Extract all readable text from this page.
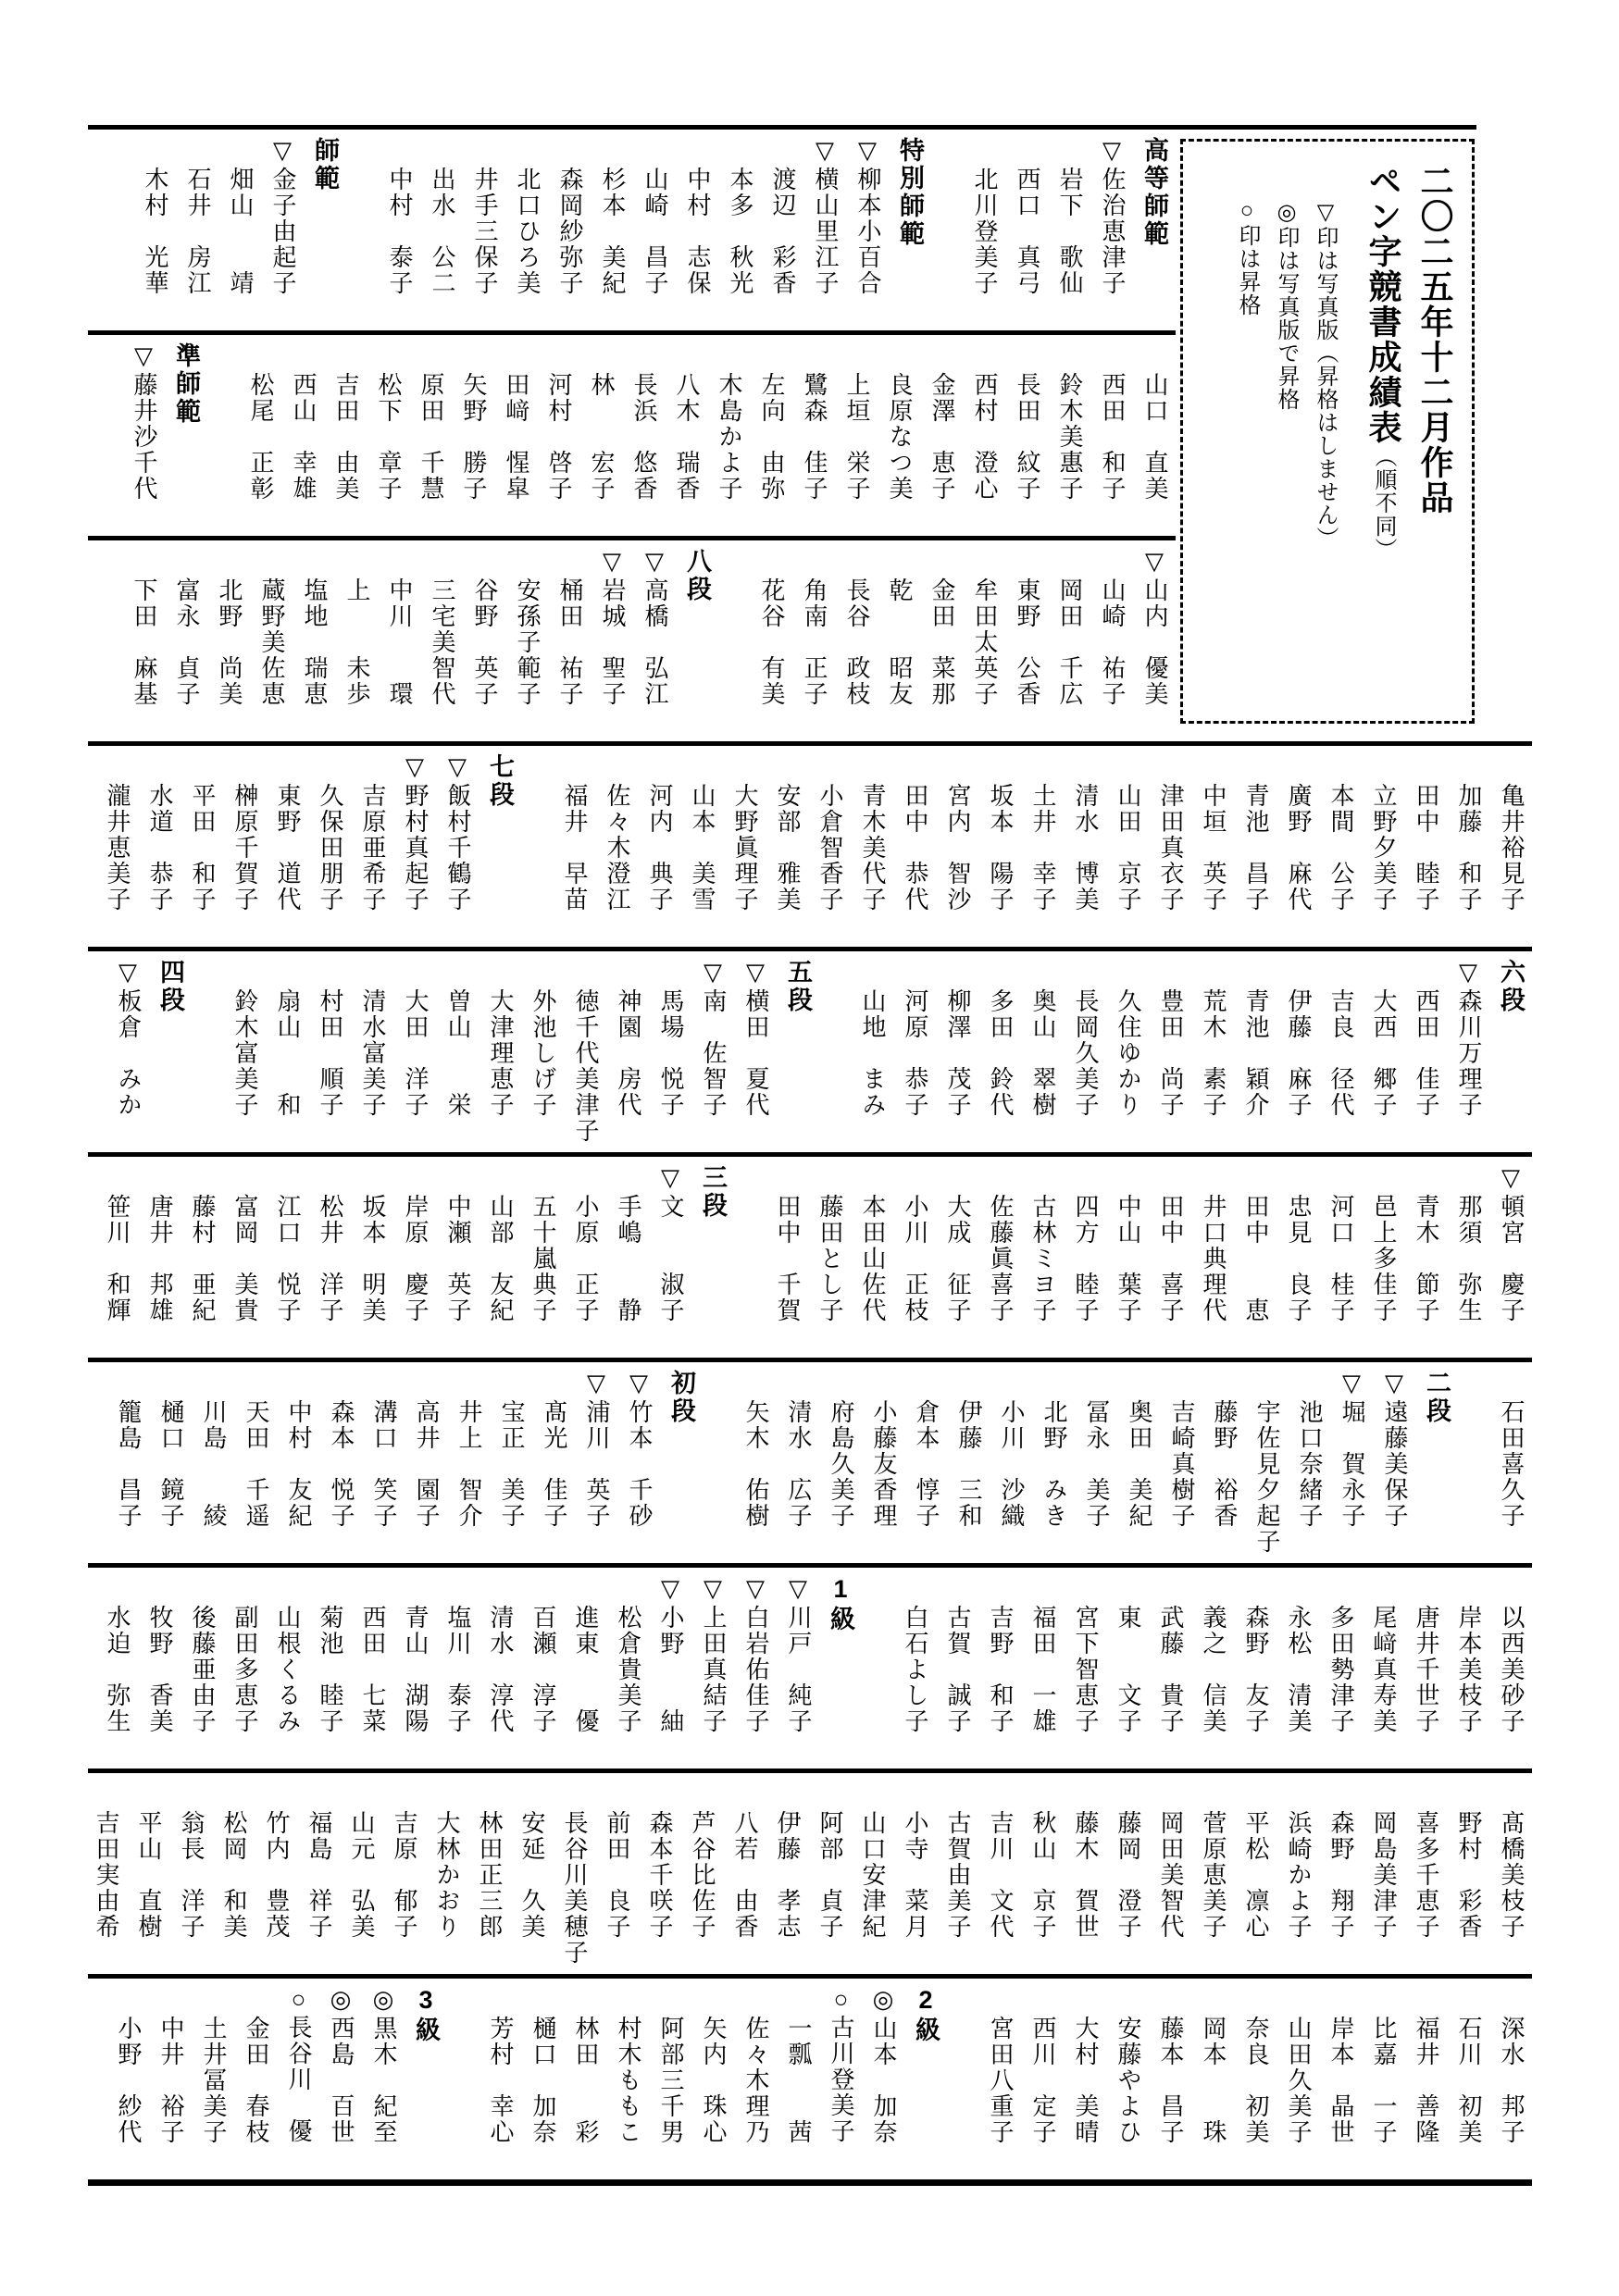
二〇二五年十二月作品
ペン字競書成績表（順不同）
▽印は写真版（昇格はしません）
◎印は写真版で昇格
○印は昇格
高等師範
▽佐治恵津子
岩下　歌仙
西口　真弓
北川登美子
特別師範
▽柳本小百合
▽横山里江子
渡辺　彩香
本多　秋光
中村　志保
山崎　昌子
杉本　美紀
森岡紗弥子
北口ひろ美
井手三保子
出水　公二
中村　泰子
師範
▽金子由起子
畑山　　靖
石井　房江
木村　光華
山口　直美
西田　和子
鈴木美惠子
長田　紋子
西村　澄心
金澤　恵子
良原なつ美
上垣　栄子
鷺森　佳子
左向　由弥
木島かよ子
八木　瑞香
長浜　悠香
林　　宏子
河村　啓子
田﨑　惺皐
矢野　勝子
原田　千慧
松下　章子
吉田　由美
西山　幸雄
松尾　正彰
準師範
▽藤井沙千代
▽山内　優美
山崎　祐子
岡田　千広
東野　公香
牟田太英子
金田　菜那
乾　　昭友
長谷　政枝
角南　正子
花谷　有美
八段
▽高橋　弘江
▽岩城　聖子
桶田　祐子
安孫子範子
谷野　英子
三宅美智代
中川　　環
上　　未歩
塩地　瑞恵
蔵野美佐恵
北野　尚美
富永　貞子
下田　麻基
亀井裕見子
加藤　和子
田中　睦子
立野夕美子
本間　公子
廣野　麻代
青池　昌子
中垣　英子
津田真衣子
山田　京子
清水　博美
土井　幸子
坂本　陽子
宮内　智沙
田中　恭代
青木美代子
小倉智香子
安部　雅美
大野眞理子
山本　美雪
河内　典子
佐々木澄江
福井　早苗
七段
▽飯村千鶴子
▽野村真起子
吉原亜希子
久保田朋子
東野　道代
榊原千賀子
平田　和子
水道　恭子
瀧井恵美子
六段
▽森川万理子
西田　佳子
大西　郷子
吉良　径代
伊藤　麻子
青池　穎介
荒木　素子
豊田　尚子
久住ゆかり
長岡久美子
奥山　翠樹
多田　鈴代
柳澤　茂子
河原　恭子
山地　まみ
五段
▽横田　夏代
▽南　佐智子
馬場　悦子
神園　房代
徳千代美津子
外池しげ子
大津理恵子
曽山　　栄
大田　洋子
清水富美子
村田　順子
扇山　　和
鈴木富美子
四段
▽板倉　みか
▽頓宮　慶子
那須　弥生
青木　節子
邑上多佳子
河口　桂子
忠見　良子
田中　　恵
井口典理代
田中　喜子
中山　葉子
四方　睦子
古林ミヨ子
佐藤眞喜子
大成　征子
小川　正枝
本田山佐代
藤田とし子
田中　千賀
三段
▽文　　淑子
手嶋　　静
小原　正子
五十嵐典子
山部　友紀
中瀬　英子
岸原　慶子
坂本　明美
松井　洋子
江口　悦子
富岡　美貴
藤村　亜紀
唐井　邦雄
笹川　和輝
石田喜久子
二段
▽遠藤美保子
▽堀　賀永子
池口奈緒子
宇佐見夕起子
藤野　裕香
吉崎真樹子
奥田　美紀
冨永　美子
北野　みき
小川　沙織
伊藤　三和
倉本　惇子
小藤友香理
府島久美子
清水　広子
矢木　佑樹
初段
▽竹本　千砂
▽浦川　英子
髙光　佳子
宝正　美子
井上　智介
高井　園子
溝口　笑子
森本　悦子
中村　友紀
天田　千遥
川島　　綾
樋口　鏡子
籠島　昌子
以西美砂子
岸本美枝子
唐井千世子
尾﨑真寿美
多田勢津子
永松　清美
森野　友子
義之　信美
武藤　貴子
東　　文子
宮下智恵子
福田　一雄
吉野　和子
古賀　誠子
白石よし子
1級
▽川戸　純子
▽白岩佑佳子
▽上田真結子
▽小野　　紬
松倉貴美子
進東　　優
百瀬　淳子
清水　淳代
塩川　泰子
青山　湖陽
西田　七菜
菊池　睦子
山根くるみ
副田多恵子
後藤亜由子
牧野　香美
水迫　弥生
髙橋美枝子
野村　彩香
喜多千恵子
岡島美津子
森野　翔子
浜崎かよ子
平松　凛心
菅原恵美子
岡田美智代
藤岡　澄子
藤木　賀世
秋山　京子
吉川　文代
古賀由美子
小寺　菜月
山口安津紀
阿部　貞子
伊藤　孝志
八若　由香
芦谷比佐子
森本千咲子
前田　良子
長谷川美穂子
安延　久美
林田正三郎
大林かおり
吉原　郁子
山元　弘美
福島　祥子
竹内　豊茂
松岡　和美
翁長　洋子
平山　直樹
吉田実由希
深水　邦子
石川　初美
福井　善隆
比嘉　一子
岸本　晶世
山田久美子
奈良　初美
岡本　　珠
藤本　昌子
安藤やよひ
大村　美晴
西川　定子
宮田八重子
2級
◎山本　加奈
○古川登美子
一瓢　　茜
佐々木理乃
矢内　珠心
阿部三千男
村木ももこ
林田　　彩
樋口　加奈
芳村　幸心
3級
◎黒木　紀至
◎西島　百世
○長谷川　優
金田　春枝
土井冨美子
中井　裕子
小野　紗代
